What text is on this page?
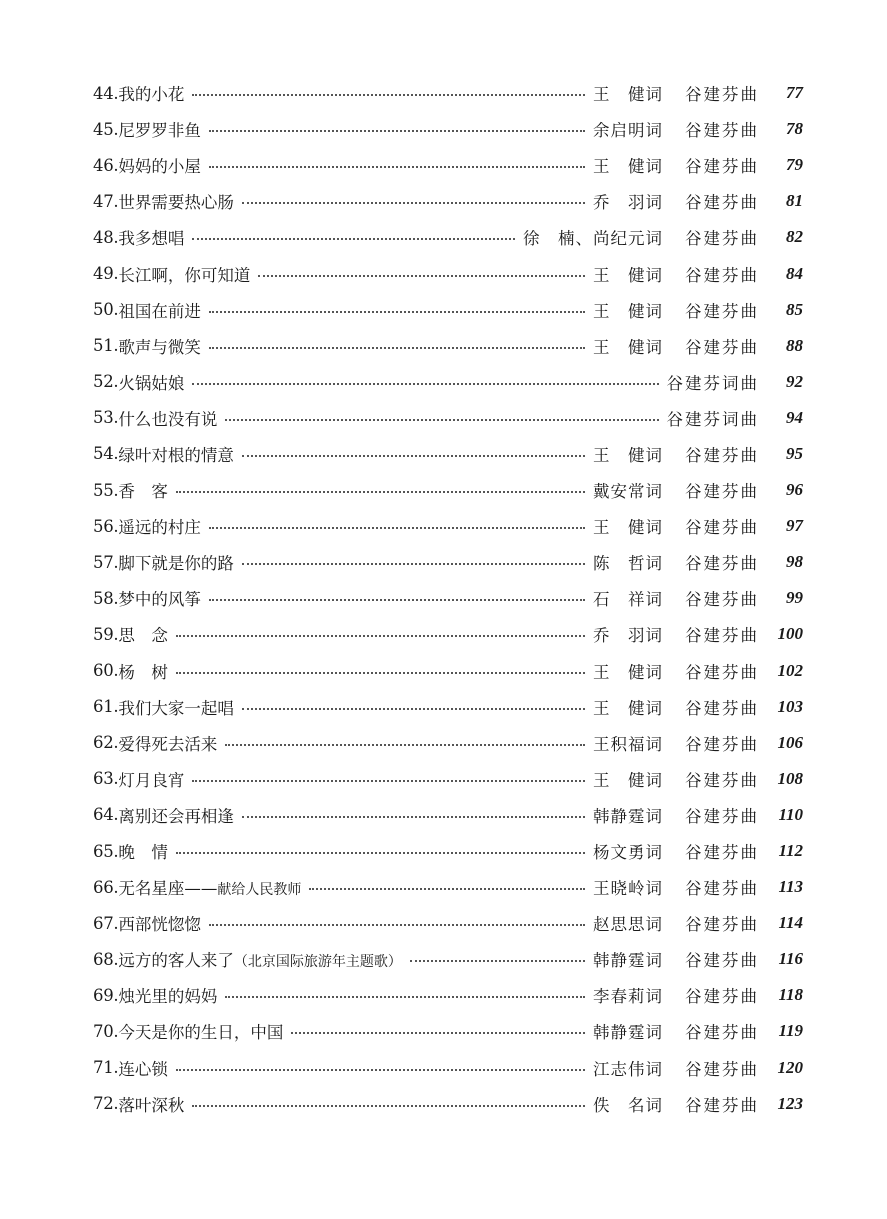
44. 我的小花	王　健词 谷建芬曲	77
45. 尼罗罗非鱼	余启明词 谷建芬曲	78
46. 妈妈的小屋	王　健词 谷建芬曲	79
47. 世界需要热心肠	乔　羽词 谷建芬曲	81
48. 我多想唱	徐　楠、尚纪元词 谷建芬曲	82
49. 长江啊，你可知道	王　健词 谷建芬曲	84
50. 祖国在前进	王　健词 谷建芬曲	85
51. 歌声与微笑	王　健词 谷建芬曲	88
52. 火锅姑娘	谷建芬词曲	92
53. 什么也没有说	谷建芬词曲	94
54. 绿叶对根的情意	王　健词 谷建芬曲	95
55. 香　客	戴安常词 谷建芬曲	96
56. 遥远的村庄	王　健词 谷建芬曲	97
57. 脚下就是你的路	陈　哲词 谷建芬曲	98
58. 梦中的风筝	石　祥词 谷建芬曲	99
59. 思　念	乔　羽词 谷建芬曲	100
60. 杨　树	王　健词 谷建芬曲	102
61. 我们大家一起唱	王　健词 谷建芬曲	103
62. 爱得死去活来	王积福词 谷建芬曲	106
63. 灯月良宵	王　健词 谷建芬曲	108
64. 离别还会再相逢	韩静霆词 谷建芬曲	110
65. 晚　情	杨文勇词 谷建芬曲	112
66. 无名星座——献给人民教师	王晓岭词 谷建芬曲	113
67. 西部恍惚惚	赵思思词 谷建芬曲	114
68. 远方的客人来了（北京国际旅游年主题歌）	韩静霆词 谷建芬曲	116
69. 烛光里的妈妈	李春莉词 谷建芬曲	118
70. 今天是你的生日，中国	韩静霆词 谷建芬曲	119
71. 连心锁	江志伟词 谷建芬曲	120
72. 落叶深秋	佚　名词 谷建芬曲	123
